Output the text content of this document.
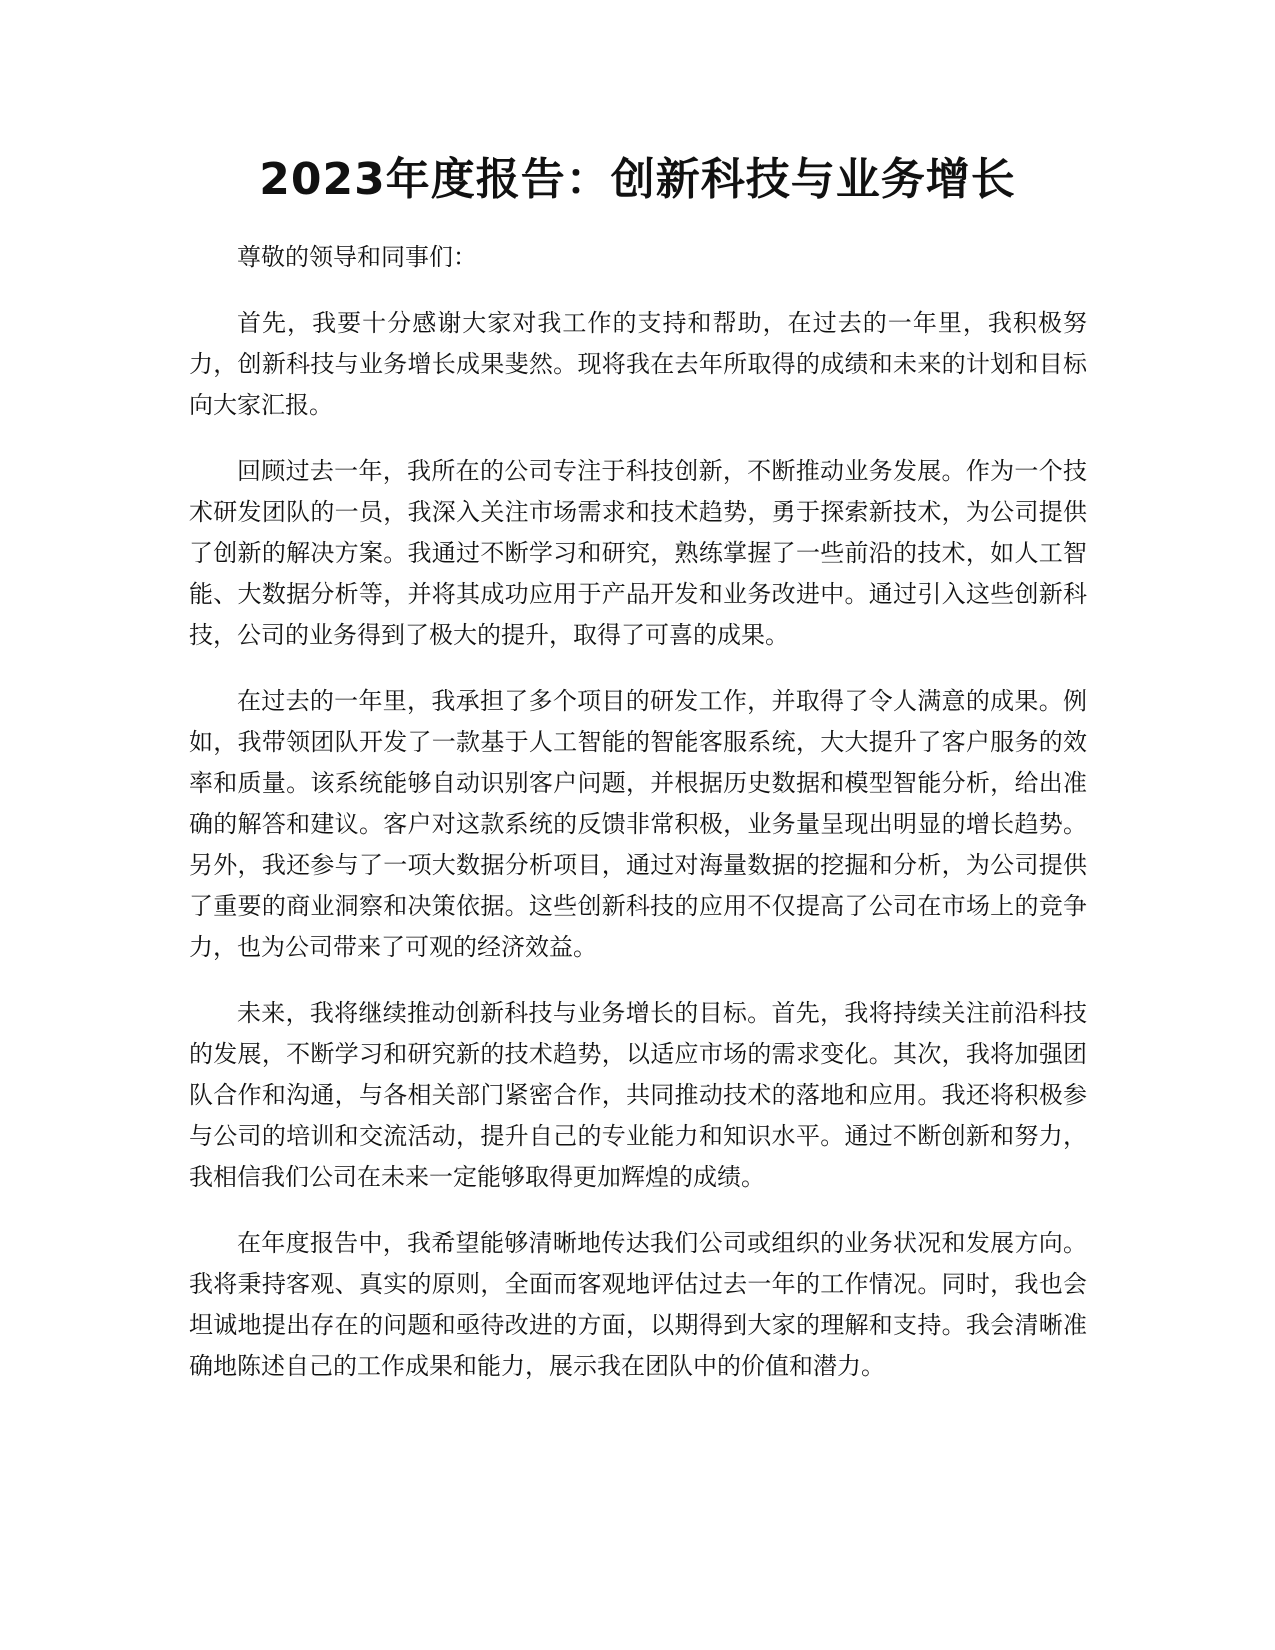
2023年度报告：创新科技与业务增长

尊敬的领导和同事们：

首先，我要十分感谢大家对我工作的支持和帮助，在过去的一年里，我积极努力，创新科技与业务增长成果斐然。现将我在去年所取得的成绩和未来的计划和目标向大家汇报。

回顾过去一年，我所在的公司专注于科技创新，不断推动业务发展。作为一个技术研发团队的一员，我深入关注市场需求和技术趋势，勇于探索新技术，为公司提供了创新的解决方案。我通过不断学习和研究，熟练掌握了一些前沿的技术，如人工智能、大数据分析等，并将其成功应用于产品开发和业务改进中。通过引入这些创新科技，公司的业务得到了极大的提升，取得了可喜的成果。

在过去的一年里，我承担了多个项目的研发工作，并取得了令人满意的成果。例如，我带领团队开发了一款基于人工智能的智能客服系统，大大提升了客户服务的效率和质量。该系统能够自动识别客户问题，并根据历史数据和模型智能分析，给出准确的解答和建议。客户对这款系统的反馈非常积极，业务量呈现出明显的增长趋势。另外，我还参与了一项大数据分析项目，通过对海量数据的挖掘和分析，为公司提供了重要的商业洞察和决策依据。这些创新科技的应用不仅提高了公司在市场上的竞争力，也为公司带来了可观的经济效益。

未来，我将继续推动创新科技与业务增长的目标。首先，我将持续关注前沿科技的发展，不断学习和研究新的技术趋势，以适应市场的需求变化。其次，我将加强团队合作和沟通，与各相关部门紧密合作，共同推动技术的落地和应用。我还将积极参与公司的培训和交流活动，提升自己的专业能力和知识水平。通过不断创新和努力，我相信我们公司在未来一定能够取得更加辉煌的成绩。

在年度报告中，我希望能够清晰地传达我们公司或组织的业务状况和发展方向。我将秉持客观、真实的原则，全面而客观地评估过去一年的工作情况。同时，我也会坦诚地提出存在的问题和亟待改进的方面，以期得到大家的理解和支持。我会清晰准确地陈述自己的工作成果和能力，展示我在团队中的价值和潜力。
